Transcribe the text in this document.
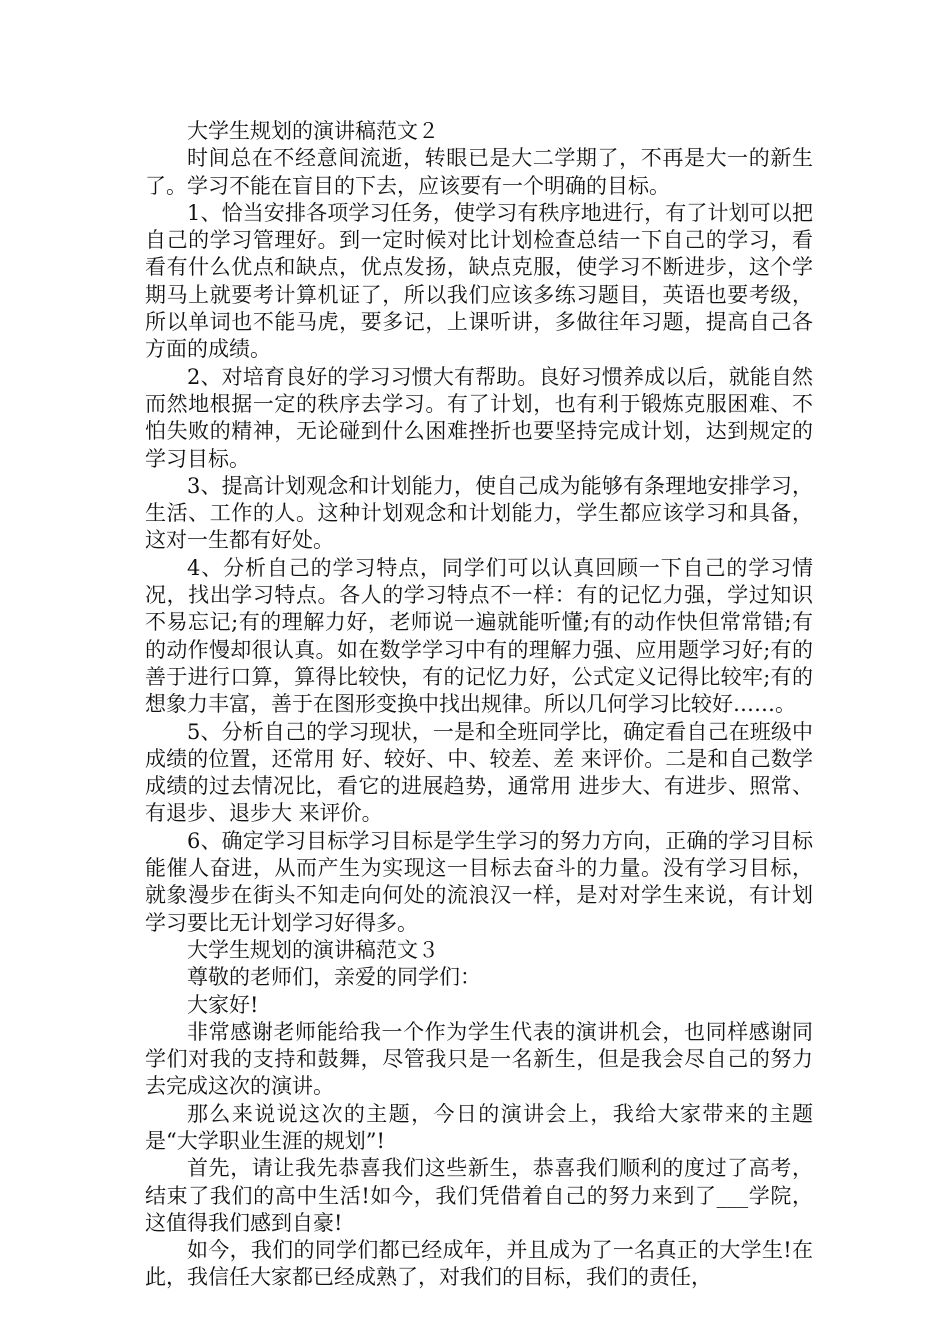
大学生规划的演讲稿范文２

时间总在不经意间流逝，转眼已是大二学期了，不再是大一的新生了。学习不能在盲目的下去，应该要有一个明确的目标。

1、恰当安排各项学习任务，使学习有秩序地进行，有了计划可以把自己的学习管理好。到一定时候对比计划检查总结一下自己的学习，看看有什么优点和缺点，优点发扬，缺点克服，使学习不断进步，这个学期马上就要考计算机证了，所以我们应该多练习题目，英语也要考级，所以单词也不能马虎，要多记，上课听讲，多做往年习题，提高自己各方面的成绩。

2、对培育良好的学习习惯大有帮助。良好习惯养成以后，就能自然而然地根据一定的秩序去学习。有了计划，也有利于锻炼克服困难、不怕失败的精神，无论碰到什么困难挫折也要坚持完成计划，达到规定的学习目标。

3、提高计划观念和计划能力，使自己成为能够有条理地安排学习，生活、工作的人。这种计划观念和计划能力，学生都应该学习和具备，这对一生都有好处。

4、分析自己的学习特点，同学们可以认真回顾一下自己的学习情况，找出学习特点。各人的学习特点不一样：有的记忆力强，学过知识不易忘记;有的理解力好，老师说一遍就能听懂;有的动作快但常常错;有的动作慢却很认真。如在数学学习中有的理解力强、应用题学习好;有的善于进行口算，算得比较快，有的记忆力好，公式定义记得比较牢;有的想象力丰富，善于在图形变换中找出规律。所以几何学习比较好……。

5、分析自己的学习现状，一是和全班同学比，确定看自己在班级中成绩的位置，还常用 好、较好、中、较差、差 来评价。二是和自己数学成绩的过去情况比，看它的进展趋势，通常用 进步大、有进步、照常、有退步、退步大 来评价。

6、确定学习目标学习目标是学生学习的努力方向，正确的学习目标能催人奋进，从而产生为实现这一目标去奋斗的力量。没有学习目标，就象漫步在街头不知走向何处的流浪汉一样，是对对学生来说，有计划学习要比无计划学习好得多。

大学生规划的演讲稿范文３

尊敬的老师们，亲爱的同学们：

大家好!

非常感谢老师能给我一个作为学生代表的演讲机会，也同样感谢同学们对我的支持和鼓舞，尽管我只是一名新生，但是我会尽自己的努力去完成这次的演讲。

那么来说说这次的主题，今日的演讲会上，我给大家带来的主题是“大学职业生涯的规划”!

首先，请让我先恭喜我们这些新生，恭喜我们顺利的度过了高考，结束了我们的高中生活!如今，我们凭借着自己的努力来到了___学院，这值得我们感到自豪!

如今，我们的同学们都已经成年，并且成为了一名真正的大学生!在此，我信任大家都已经成熟了，对我们的目标，我们的责任，
